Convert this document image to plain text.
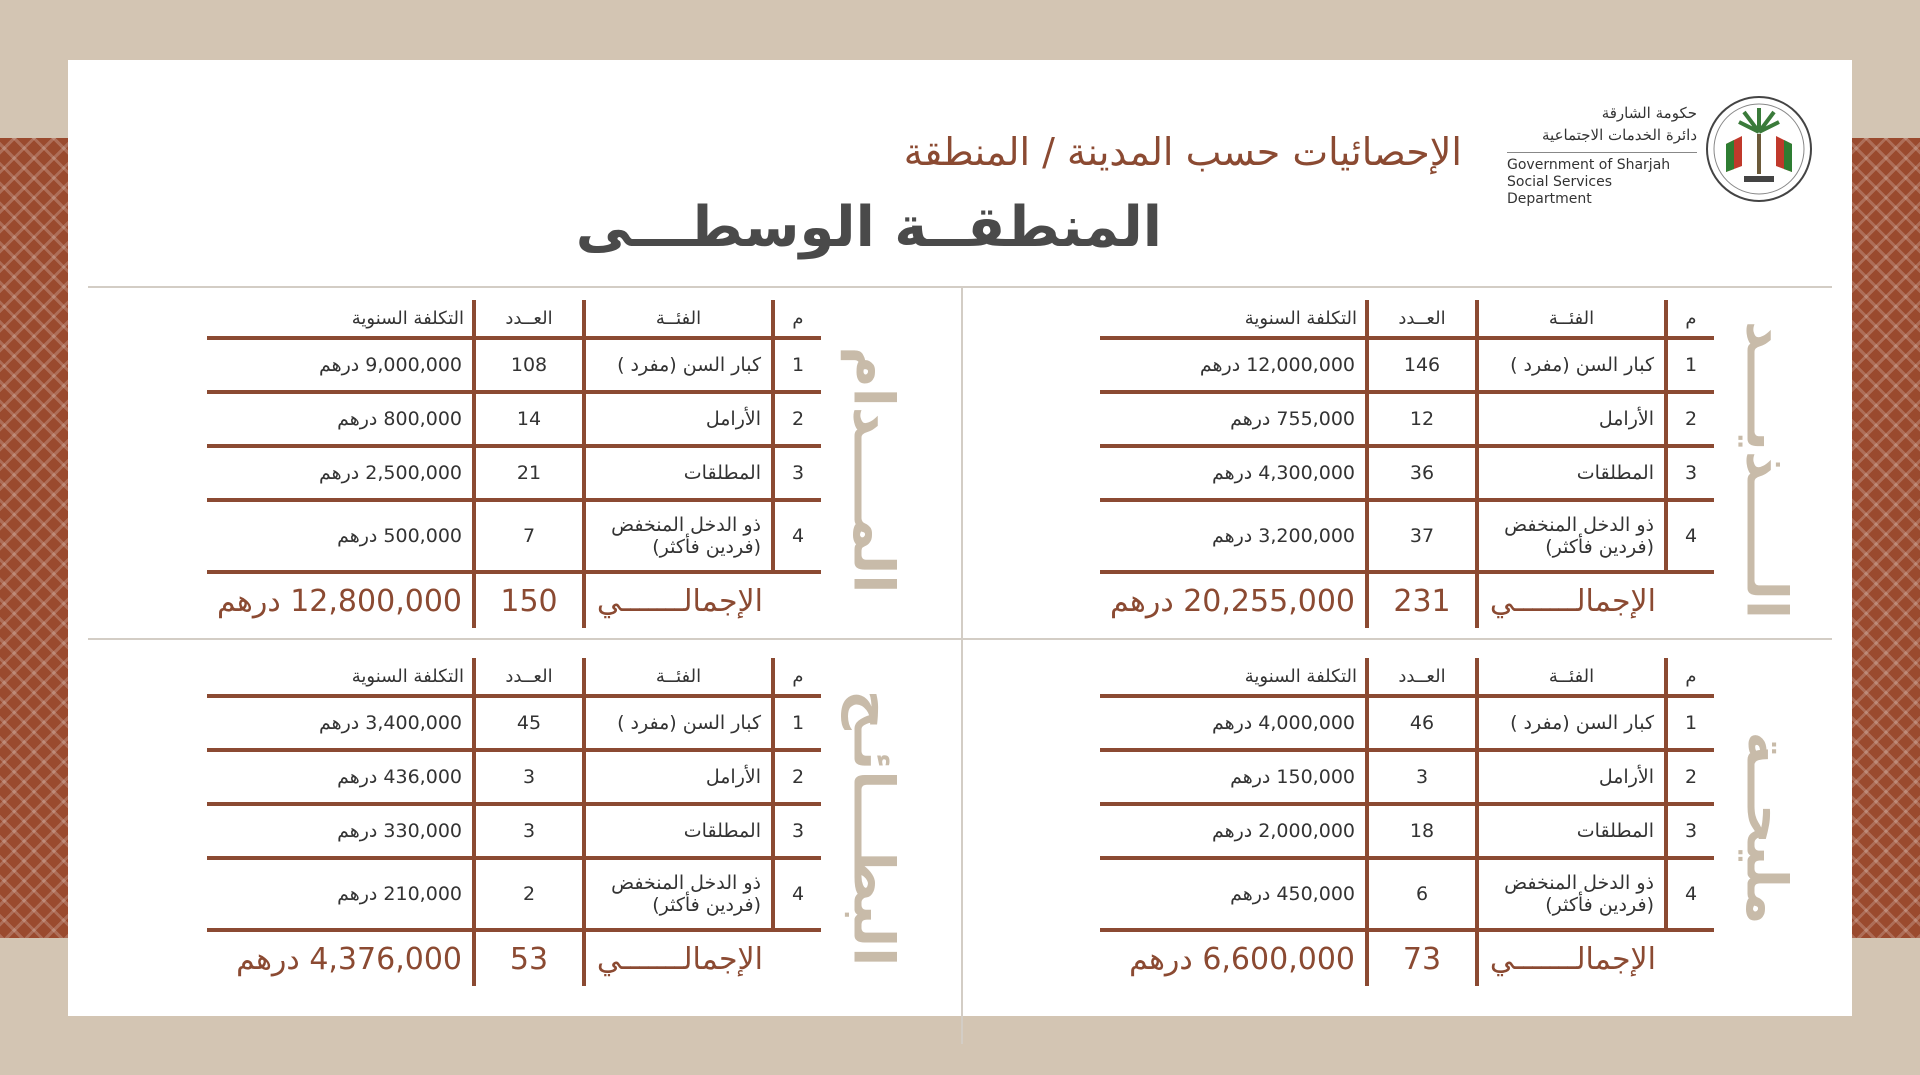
الإحصائيات حسب المدينة / المنطقة
المنطقــة الوسطـــى
حكومة الشارقة
دائرة الخدمات الاجتماعية
Government of Sharjah
Social Services Department
الـــــذيــــد
م	الفئــة	العــدد	التكلفة السنوية
1	كبار السن (مفرد )	146	12,000,000 درهم
2	الأرامل	12	755,000 درهم
3	المطلقات	36	4,300,000 درهم
4	ذو الدخل المنخفض (فردين فأكثر)	37	3,200,000 درهم
	الإجمالـــــــي	231	20,255,000 درهم
المــــدام
م	الفئــة	العــدد	التكلفة السنوية
1	كبار السن (مفرد )	108	9,000,000 درهم
2	الأرامل	14	800,000 درهم
3	المطلقات	21	2,500,000 درهم
4	ذو الدخل المنخفض (فردين فأكثر)	7	500,000 درهم
	الإجمالـــــــي	150	12,800,000 درهم
مليحــة
م	الفئــة	العــدد	التكلفة السنوية
1	كبار السن (مفرد )	46	4,000,000 درهم
2	الأرامل	3	150,000 درهم
3	المطلقات	18	2,000,000 درهم
4	ذو الدخل المنخفض (فردين فأكثر)	6	450,000 درهم
	الإجمالـــــــي	73	6,600,000 درهم
البطـــائـح
م	الفئــة	العــدد	التكلفة السنوية
1	كبار السن (مفرد )	45	3,400,000 درهم
2	الأرامل	3	436,000 درهم
3	المطلقات	3	330,000 درهم
4	ذو الدخل المنخفض (فردين فأكثر)	2	210,000 درهم
	الإجمالـــــــي	53	4,376,000 درهم
